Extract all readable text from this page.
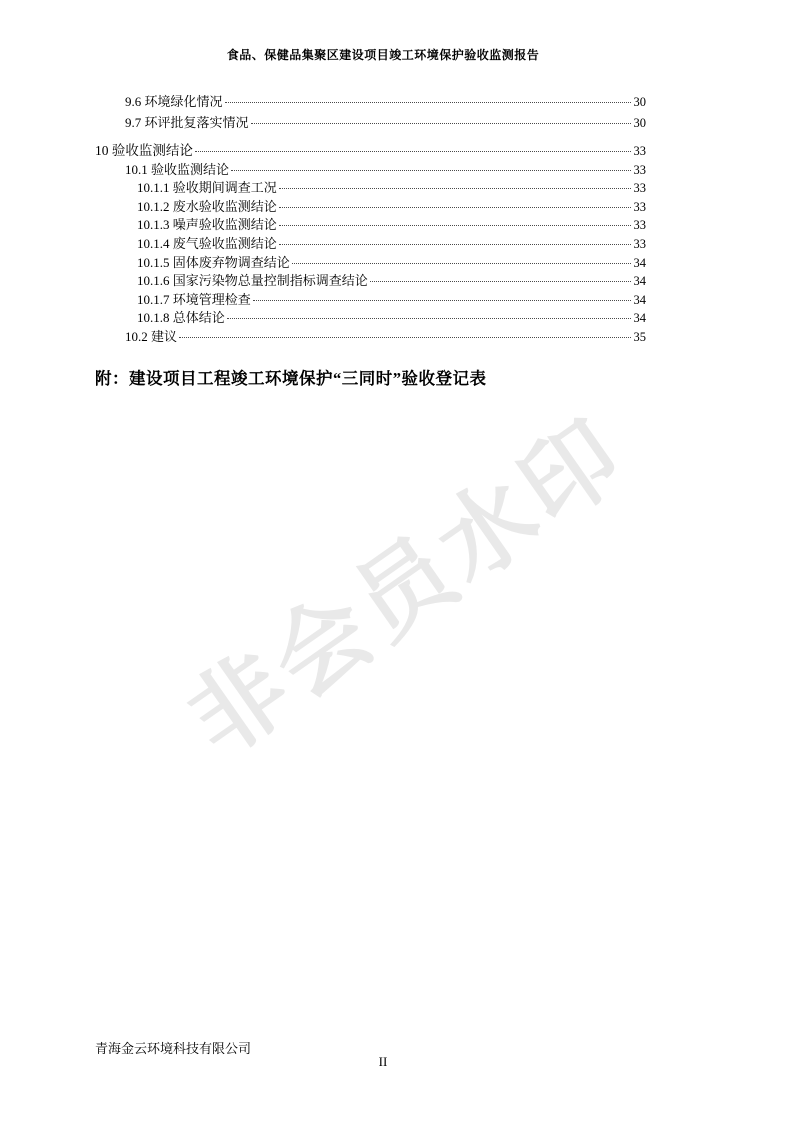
食品、保健品集聚区建设项目竣工环境保护验收监测报告
非会员水印
9.6 环境绿化情况	30
9.7 环评批复落实情况	30
10 验收监测结论	33
10.1 验收监测结论	33
10.1.1 验收期间调查工况	33
10.1.2 废水验收监测结论	33
10.1.3 噪声验收监测结论	33
10.1.4 废气验收监测结论	33
10.1.5 固体废弃物调查结论	34
10.1.6 国家污染物总量控制指标调查结论	34
10.1.7 环境管理检查	34
10.1.8 总体结论	34
10.2 建议	35
附：建设项目工程竣工环境保护“三同时”验收登记表
青海金云环境科技有限公司
II
